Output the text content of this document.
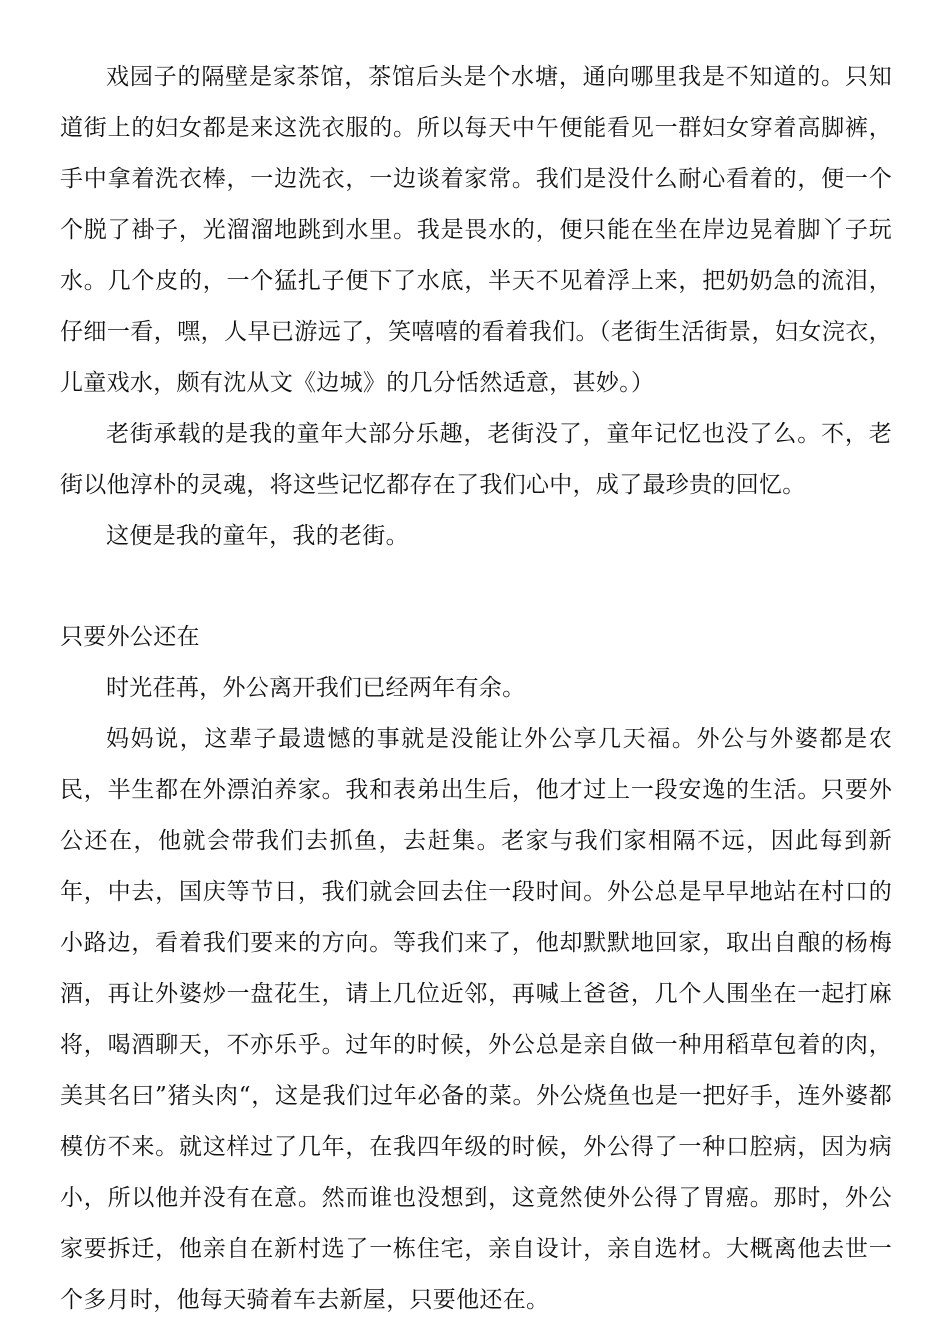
戏园子的隔壁是家茶馆，茶馆后头是个水塘，通向哪里我是不知道的。只知道街上的妇女都是来这洗衣服的。所以每天中午便能看见一群妇女穿着高脚裤，手中拿着洗衣棒，一边洗衣，一边谈着家常。我们是没什么耐心看着的，便一个个脱了褂子，光溜溜地跳到水里。我是畏水的，便只能在坐在岸边晃着脚丫子玩水。几个皮的，一个猛扎子便下了水底，半天不见着浮上来，把奶奶急的流泪，仔细一看，嘿，人早已游远了，笑嘻嘻的看着我们。（老街生活街景，妇女浣衣，儿童戏水，颇有沈从文《边城》的几分恬然适意，甚妙。）

老街承载的是我的童年大部分乐趣，老街没了，童年记忆也没了么。不，老街以他淳朴的灵魂，将这些记忆都存在了我们心中，成了最珍贵的回忆。

这便是我的童年，我的老街。

只要外公还在

时光荏苒，外公离开我们已经两年有余。

妈妈说，这辈子最遗憾的事就是没能让外公享几天福。外公与外婆都是农民，半生都在外漂泊养家。我和表弟出生后，他才过上一段安逸的生活。只要外公还在，他就会带我们去抓鱼，去赶集。老家与我们家相隔不远，因此每到新年，中去，国庆等节日，我们就会回去住一段时间。外公总是早早地站在村口的小路边，看着我们要来的方向。等我们来了，他却默默地回家，取出自酿的杨梅酒，再让外婆炒一盘花生，请上几位近邻，再喊上爸爸，几个人围坐在一起打麻将，喝酒聊天，不亦乐乎。过年的时候，外公总是亲自做一种用稻草包着的肉，美其名曰”猪头肉“，这是我们过年必备的菜。外公烧鱼也是一把好手，连外婆都模仿不来。就这样过了几年，在我四年级的时候，外公得了一种口腔病，因为病小，所以他并没有在意。然而谁也没想到，这竟然使外公得了胃癌。那时，外公家要拆迁，他亲自在新村选了一栋住宅，亲自设计，亲自选材。大概离他去世一个多月时，他每天骑着车去新屋，只要他还在。
